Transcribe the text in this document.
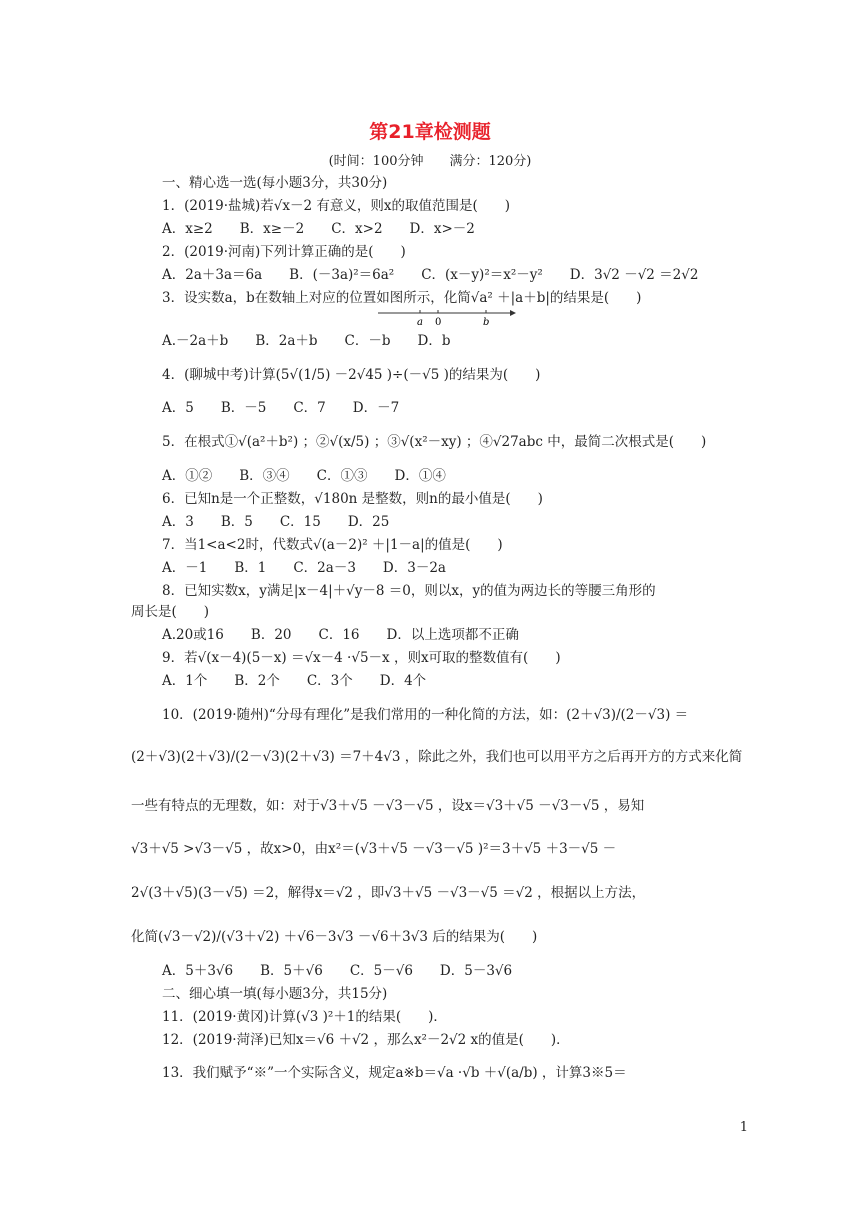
第21章检测题
(时间：100分钟　　满分：120分)
一、精心选一选(每小题3分，共30分)
1．(2019·盐城)若√x－2 有意义，则x的取值范围是(　　)
A．x≥2　　B．x≥－2　　C．x>2　　D．x>－2
2．(2019·河南)下列计算正确的是(　　)
A．2a＋3a＝6a　　B．(－3a)²＝6a²　　C．(x－y)²＝x²－y²　　D．3√2 －√2 ＝2√2
3．设实数a，b在数轴上对应的位置如图所示，化简√a² ＋|a＋b|的结果是(　　)
a 0	b
A.－2a＋b　　B．2a＋b　　C．－b　　D．b
4．(聊城中考)计算(5√(1/5) －2√45 )÷(－√5 )的结果为(　　)
A．5　　B．－5　　C．7　　D．－7
5．在根式①√(a²＋b²) ；②√(x/5) ；③√(x²－xy) ；④√27abc 中，最简二次根式是(　　)
A．①②　　B．③④　　C．①③　　D．①④
6．已知n是一个正整数，√180n 是整数，则n的最小值是(　　)
A．3　　B．5　　C．15　　D．25
7．当1<a<2时，代数式√(a－2)² ＋|1－a|的值是(　　)
A．－1　　B．1　　C．2a－3　　D．3－2a
8．已知实数x，y满足|x－4|＋√y－8 ＝0，则以x，y的值为两边长的等腰三角形的
周长是(　　)
A.20或16　　B．20　　C．16　　D．以上选项都不正确
9．若√(x－4)(5－x) ＝√x－4 ·√5－x ，则x可取的整数值有(　　)
A．1个　　B．2个　　C．3个　　D．4个
10．(2019·随州)“分母有理化”是我们常用的一种化简的方法，如：(2＋√3)/(2－√3) ＝
(2＋√3)(2＋√3)/(2－√3)(2＋√3) ＝7＋4√3 ，除此之外，我们也可以用平方之后再开方的方式来化简
一些有特点的无理数，如：对于√3＋√5 －√3－√5 ，设x＝√3＋√5 －√3－√5 ，易知
√3＋√5 >√3－√5 ，故x>0，由x²＝(√3＋√5 －√3－√5 )²＝3＋√5 ＋3－√5 －
2√(3＋√5)(3－√5) ＝2，解得x＝√2 ，即√3＋√5 －√3－√5 ＝√2 ，根据以上方法，
化简(√3－√2)/(√3＋√2) ＋√6－3√3 －√6＋3√3 后的结果为(　　)
A．5＋3√6　　B．5＋√6　　C．5－√6　　D．5－3√6
二、细心填一填(每小题3分，共15分)
11．(2019·黄冈)计算(√3 )²＋1的结果(　　)．
12．(2019·菏泽)已知x＝√6 ＋√2 ，那么x²－2√2 x的值是(　　)．
13．我们赋予“※”一个实际含义，规定a※b＝√a ·√b ＋√(a/b) ，计算3※5＝
1
